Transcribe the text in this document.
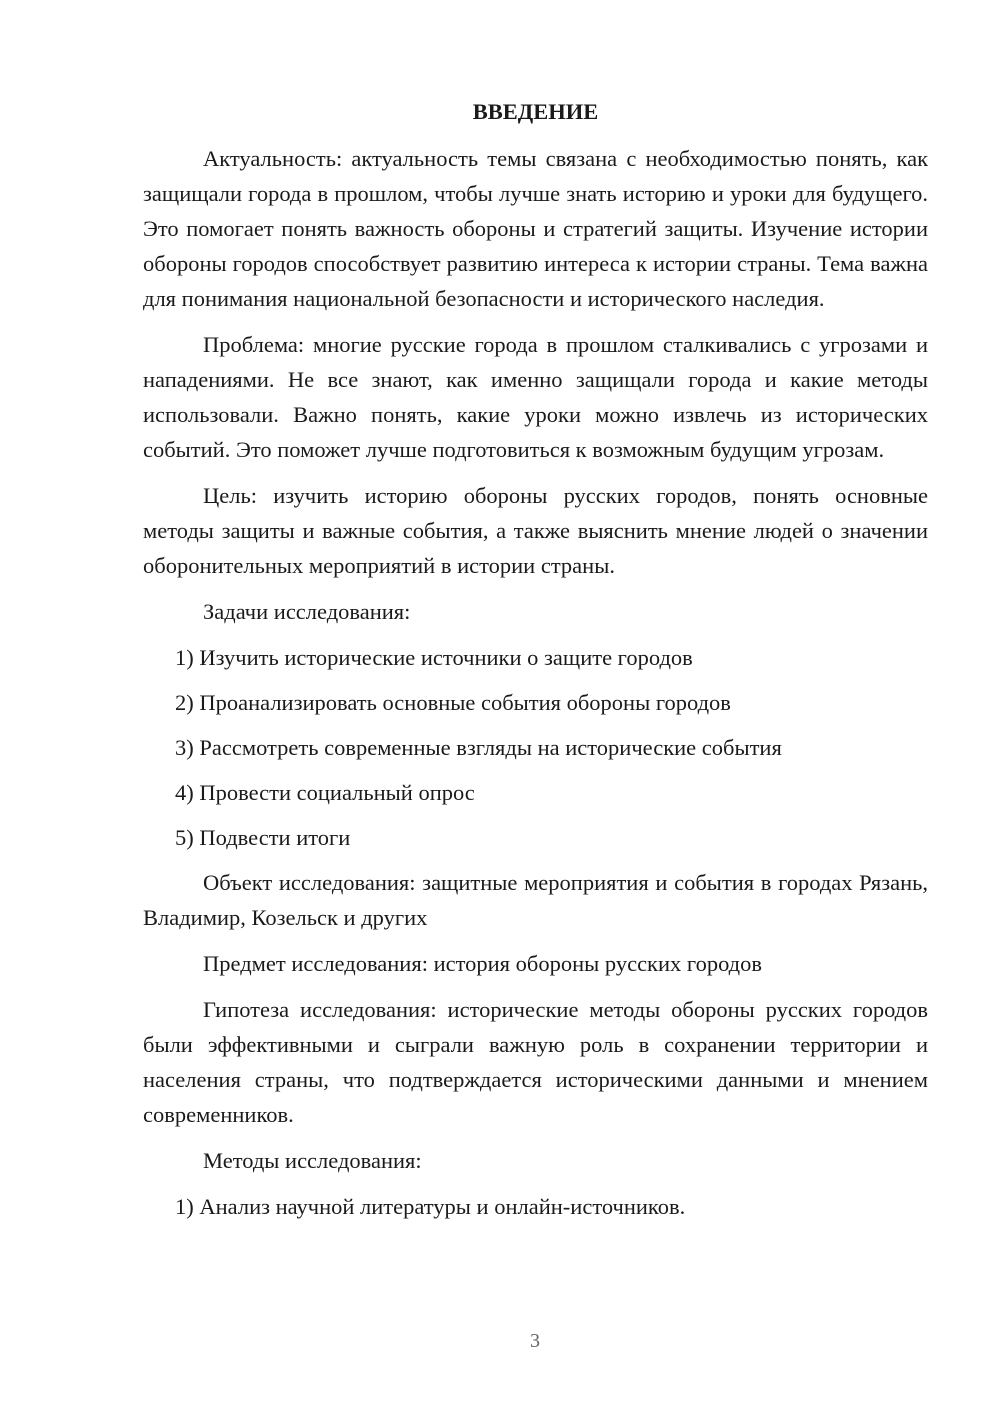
ВВЕДЕНИЕ

Актуальность: актуальность темы связана с необходимостью понять, как защищали города в прошлом, чтобы лучше знать историю и уроки для будущего. Это помогает понять важность обороны и стратегий защиты. Изучение истории обороны городов способствует развитию интереса к истории страны. Тема важна для понимания национальной безопасности и исторического наследия.

Проблема: многие русские города в прошлом сталкивались с угрозами и нападениями. Не все знают, как именно защищали города и какие методы использовали. Важно понять, какие уроки можно извлечь из исторических событий. Это поможет лучше подготовиться к возможным будущим угрозам.

Цель: изучить историю обороны русских городов, понять основные методы защиты и важные события, а также выяснить мнение людей о значении оборонительных мероприятий в истории страны.

Задачи исследования:

1) Изучить исторические источники о защите городов
2) Проанализировать основные события обороны городов
3) Рассмотреть современные взгляды на исторические события
4) Провести социальный опрос
5) Подвести итоги

Объект исследования: защитные мероприятия и события в городах Рязань, Владимир, Козельск и других

Предмет исследования: история обороны русских городов

Гипотеза исследования: исторические методы обороны русских городов были эффективными и сыграли важную роль в сохранении территории и населения страны, что подтверждается историческими данными и мнением современников.

Методы исследования:

1) Анализ научной литературы и онлайн-источников.
3
